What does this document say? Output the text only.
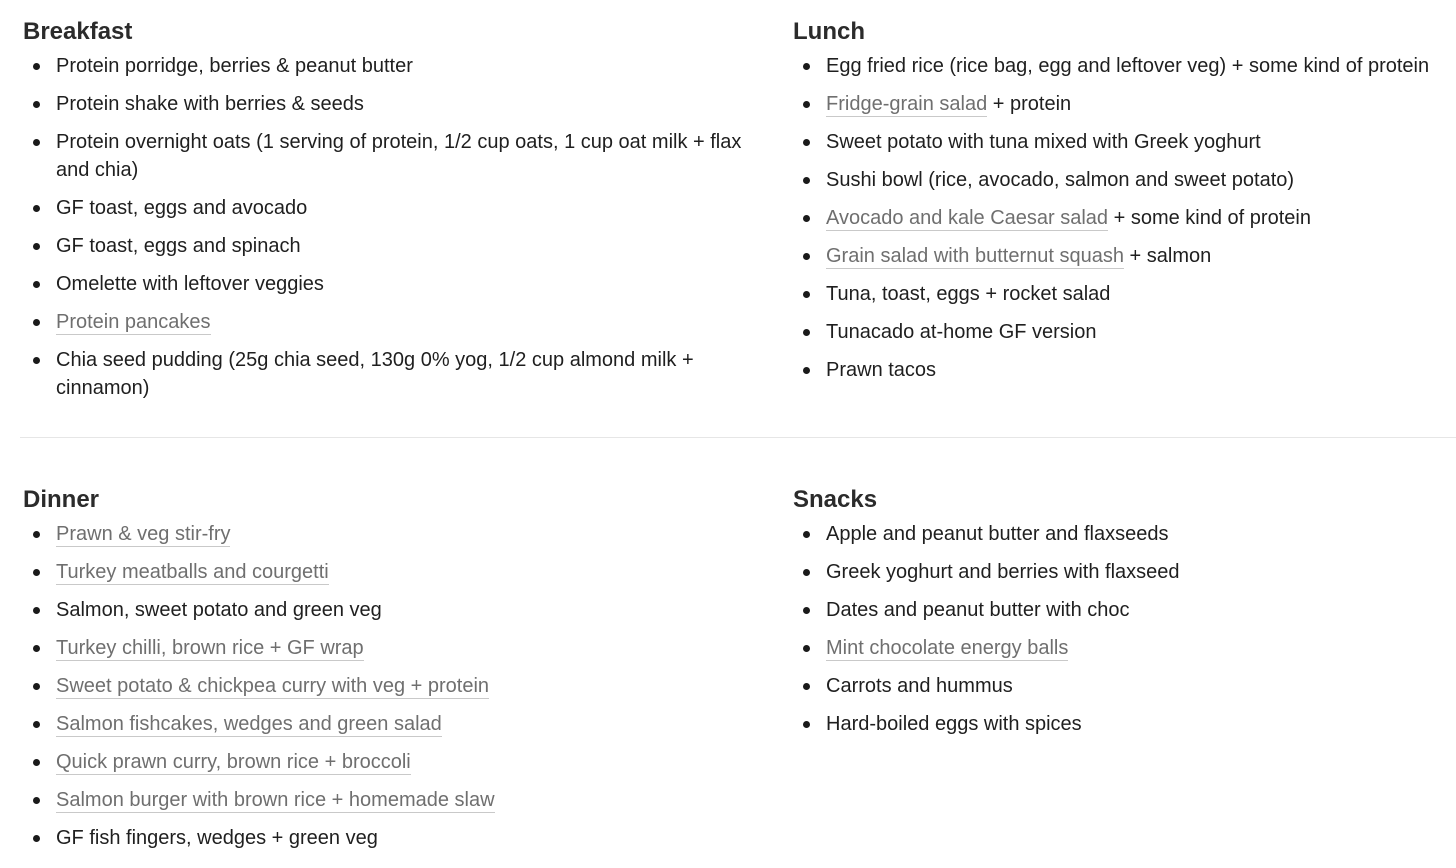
Breakfast
Protein porridge, berries & peanut butter
Protein shake with berries & seeds
Protein overnight oats (1 serving of protein, 1/2 cup oats, 1 cup oat milk + flax and chia)
GF toast, eggs and avocado
GF toast, eggs and spinach
Omelette with leftover veggies
Protein pancakes
Chia seed pudding (25g chia seed, 130g 0% yog, 1/2 cup almond milk + cinnamon)
Lunch
Egg fried rice (rice bag, egg and leftover veg) + some kind of protein
Fridge-grain salad + protein
Sweet potato with tuna mixed with Greek yoghurt
Sushi bowl (rice, avocado, salmon and sweet potato)
Avocado and kale Caesar salad + some kind of protein
Grain salad with butternut squash + salmon
Tuna, toast, eggs + rocket salad
Tunacado at-home GF version
Prawn tacos
Dinner
Prawn & veg stir-fry
Turkey meatballs and courgetti
Salmon, sweet potato and green veg
Turkey chilli, brown rice + GF wrap
Sweet potato & chickpea curry with veg + protein
Salmon fishcakes, wedges and green salad
Quick prawn curry, brown rice + broccoli
Salmon burger with brown rice + homemade slaw
GF fish fingers, wedges + green veg
Snacks
Apple and peanut butter and flaxseeds
Greek yoghurt and berries with flaxseed
Dates and peanut butter with choc
Mint chocolate energy balls
Carrots and hummus
Hard-boiled eggs with spices
